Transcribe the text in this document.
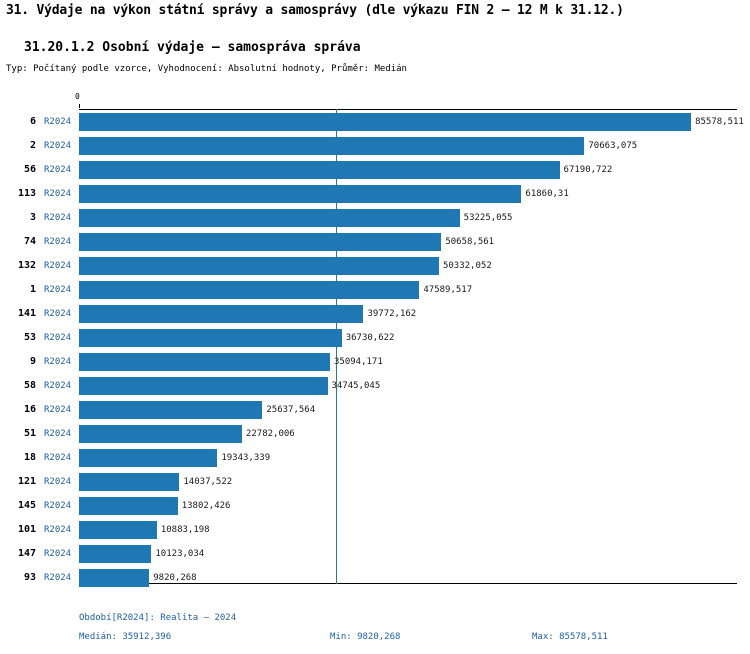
31. Výdaje na výkon státní správy a samosprávy (dle výkazu FIN 2 – 12 M k 31.12.)
31.20.1.2 Osobní výdaje – samospráva správa
Typ: Počítaný podle vzorce, Vyhodnocení: Absolutní hodnoty, Průměr: Medián
0
6 R2024	85578,511
2 R2024	70663,075
56 R2024	67190,722
113 R2024	61860,31
3 R2024	53225,055
74 R2024	50658,561
132 R2024	50332,052
1 R2024	47589,517
141 R2024	39772,162
53 R2024	36730,622
9 R2024	35094,171
58 R2024	34745,045
16 R2024	25637,564
51 R2024	22782,006
18 R2024	19343,339
121 R2024	14037,522
145 R2024	13802,426
101 R2024	10883,198
147 R2024	10123,034
93 R2024	9820,268
Období[R2024]: Realita – 2024
Medián: 35912,396	Min: 9820,268	Max: 85578,511
